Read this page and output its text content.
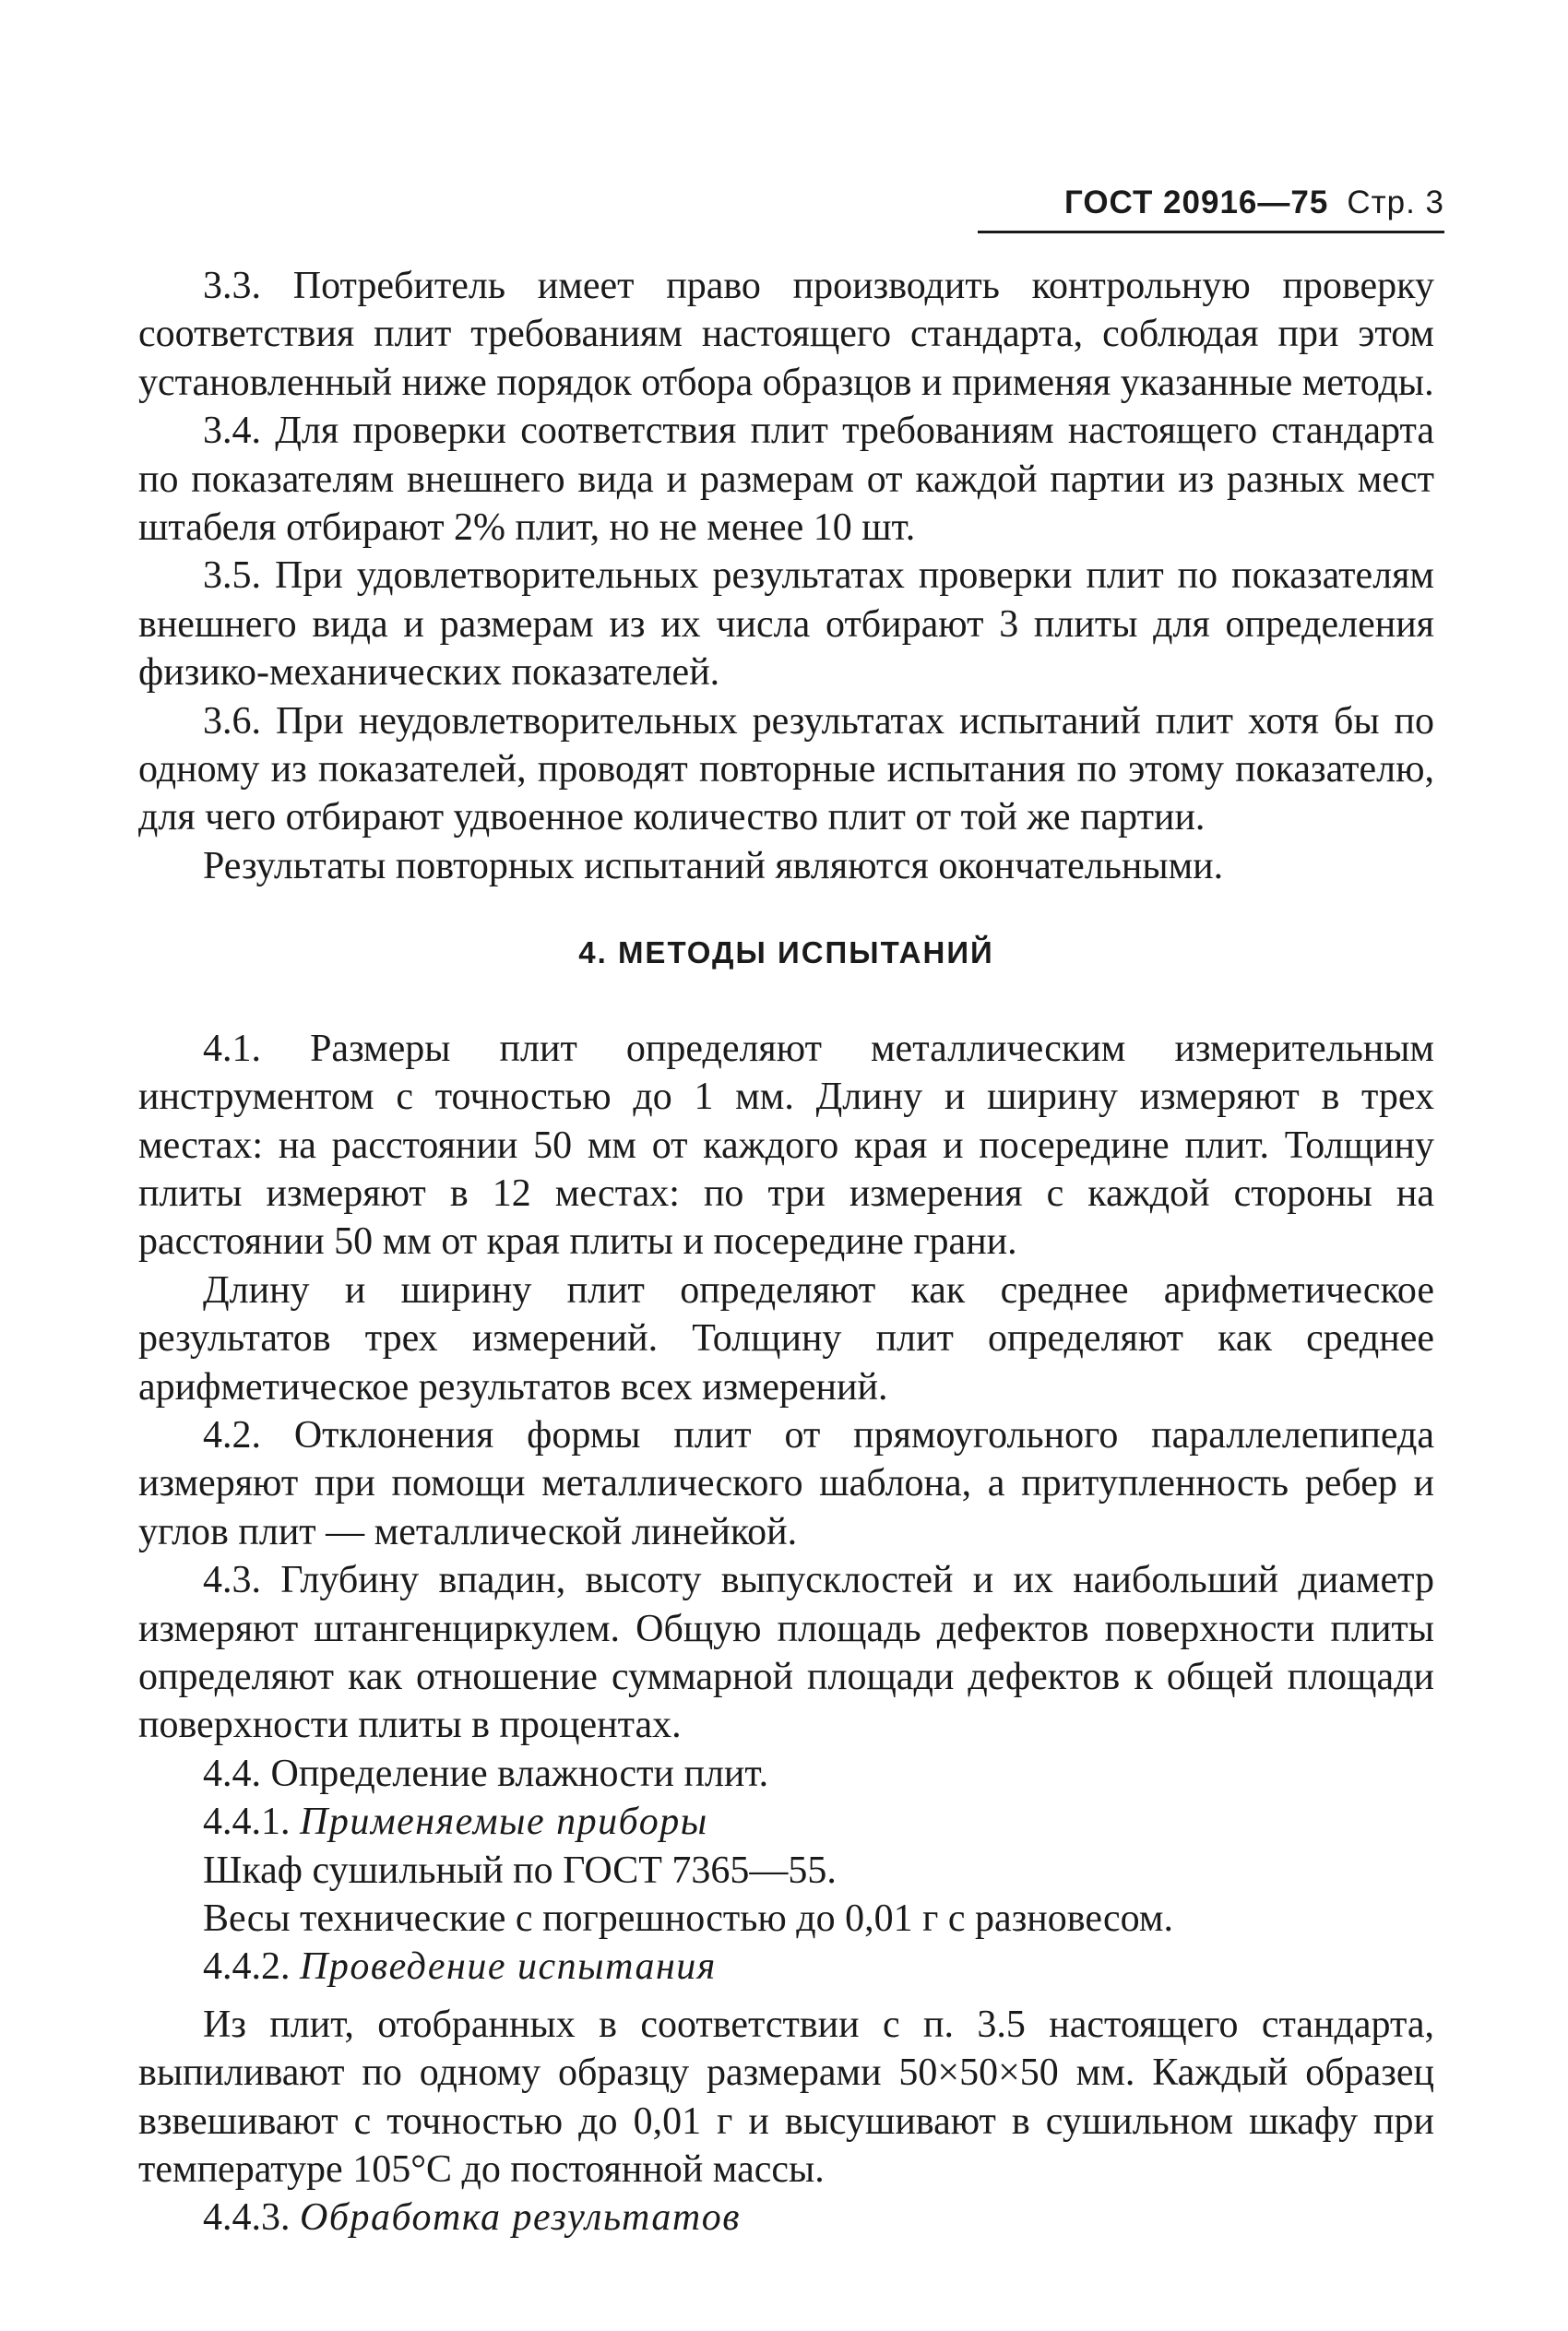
ГОСТ 20916—75 Стр. 3

3.3. Потребитель имеет право производить контрольную проверку соответствия плит требованиям настоящего стандарта, соблюдая при этом установленный ниже порядок отбора образцов и применяя указанные методы.

3.4. Для проверки соответствия плит требованиям настоящего стандарта по показателям внешнего вида и размерам от каждой партии из разных мест штабеля отбирают 2% плит, но не менее 10 шт.

3.5. При удовлетворительных результатах проверки плит по показателям внешнего вида и размерам из их числа отбирают 3 плиты для определения физико-механических показателей.

3.6. При неудовлетворительных результатах испытаний плит хотя бы по одному из показателей, проводят повторные испытания по этому показателю, для чего отбирают удвоенное количество плит от той же партии.

Результаты повторных испытаний являются окончательными.

4. МЕТОДЫ ИСПЫТАНИЙ

4.1. Размеры плит определяют металлическим измерительным инструментом с точностью до 1 мм. Длину и ширину измеряют в трех местах: на расстоянии 50 мм от каждого края и посередине плит. Толщину плиты измеряют в 12 местах: по три измерения с каждой стороны на расстоянии 50 мм от края плиты и посередине грани.

Длину и ширину плит определяют как среднее арифметическое результатов трех измерений. Толщину плит определяют как среднее арифметическое результатов всех измерений.

4.2. Отклонения формы плит от прямоугольного параллелепипеда измеряют при помощи металлического шаблона, а притупленность ребер и углов плит — металлической линейкой.

4.3. Глубину впадин, высоту выпусклостей и их наибольший диаметр измеряют штангенциркулем. Общую площадь дефектов поверхности плиты определяют как отношение суммарной площади дефектов к общей площади поверхности плиты в процентах.

4.4. Определение влажности плит.

4.4.1. Применяемые приборы

Шкаф сушильный по ГОСТ 7365—55.

Весы технические с погрешностью до 0,01 г с разновесом.

4.4.2. Проведение испытания

Из плит, отобранных в соответствии с п. 3.5 настоящего стандарта, выпиливают по одному образцу размерами 50×50×50 мм. Каждый образец взвешивают с точностью до 0,01 г и высушивают в сушильном шкафу при температуре 105°С до постоянной массы.

4.4.3. Обработка результатов
